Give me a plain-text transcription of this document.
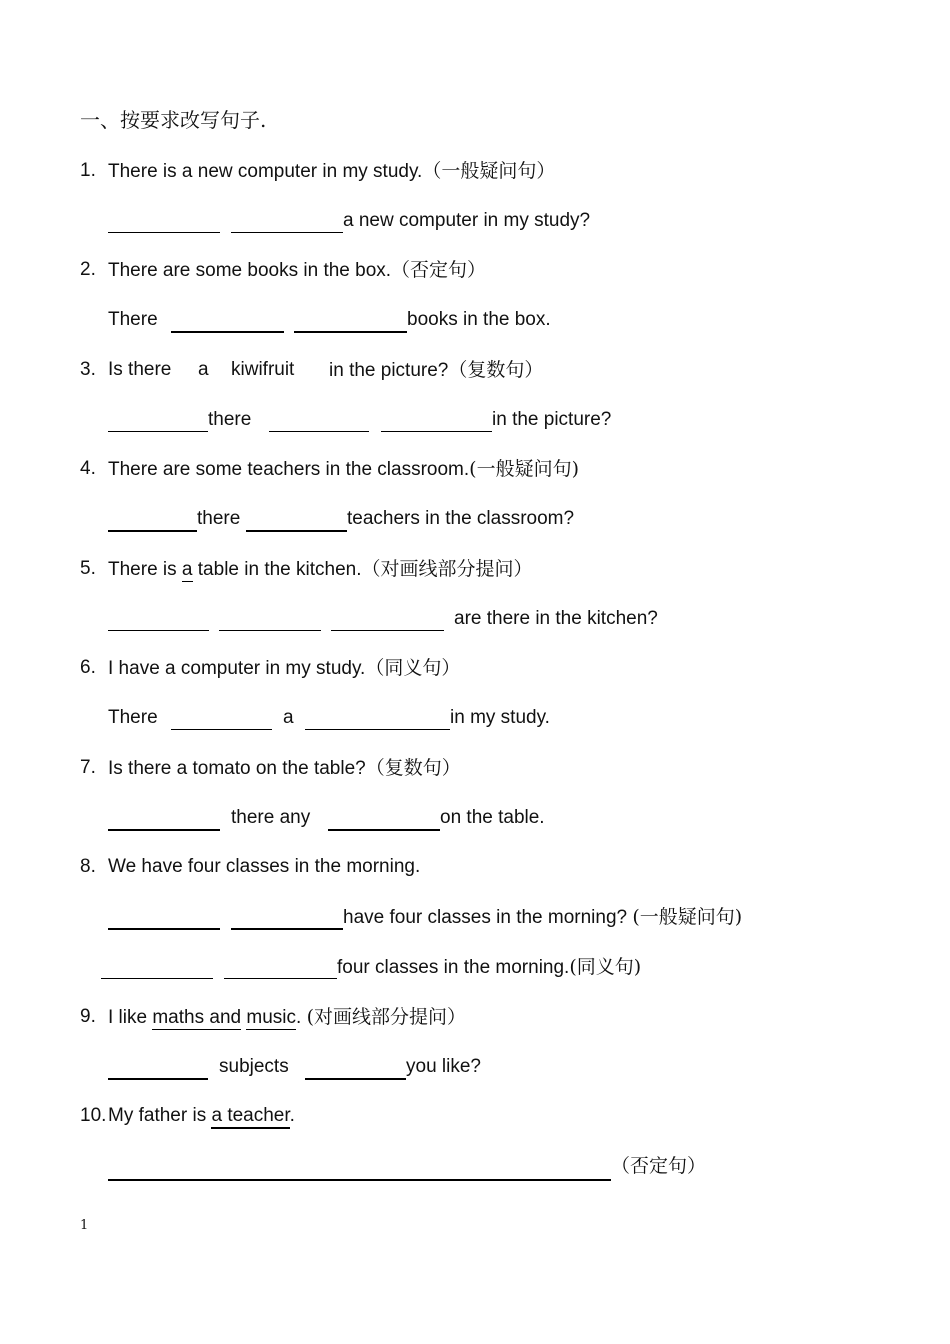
一、按要求改写句子.
1. There is a new computer in my study.（一般疑问句）
a new computer in my study?
2. There are some books in the box.（否定句）
There	books in the box.
3. Is there a kiwifruit in the picture?（复数句）
there	in the picture?
4. There are some teachers in the classroom.(一般疑问句)
there	teachers in the classroom?
5. There is a table in the kitchen.（对画线部分提问）
are there in the kitchen?
6. I have a computer in my study.（同义句）
There	a	in my study.
7. Is there a tomato on the table?（复数句）
there any	on the table.
8. We have four classes in the morning.
have four classes in the morning? (一般疑问句)
four classes in the morning.(同义句)
9. I like maths and music. (对画线部分提问）
subjects	you like?
10. My father is a teacher.
（否定句）
1
